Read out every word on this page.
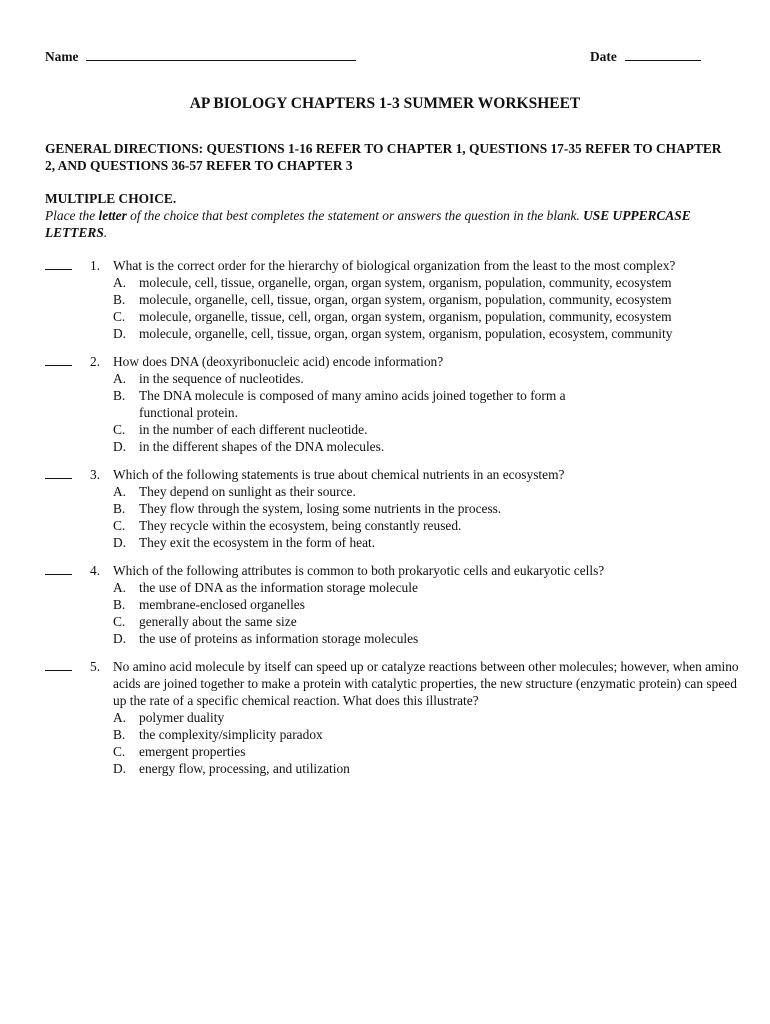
Name	Date
AP BIOLOGY CHAPTERS 1-3 SUMMER WORKSHEET
GENERAL DIRECTIONS: QUESTIONS 1-16 REFER TO CHAPTER 1, QUESTIONS 17-35 REFER TO CHAPTER 2, AND QUESTIONS 36-57 REFER TO CHAPTER 3
MULTIPLE CHOICE.
Place the letter of the choice that best completes the statement or answers the question in the blank. USE UPPERCASE LETTERS.
1. What is the correct order for the hierarchy of biological organization from the least to the most complex?
A. molecule, cell, tissue, organelle, organ, organ system, organism, population, community, ecosystem
B. molecule, organelle, cell, tissue, organ, organ system, organism, population, community, ecosystem
C. molecule, organelle, tissue, cell, organ, organ system, organism, population, community, ecosystem
D. molecule, organelle, cell, tissue, organ, organ system, organism, population, ecosystem, community
2. How does DNA (deoxyribonucleic acid) encode information?
A. in the sequence of nucleotides.
B. The DNA molecule is composed of many amino acids joined together to form a functional protein.
C. in the number of each different nucleotide.
D. in the different shapes of the DNA molecules.
3. Which of the following statements is true about chemical nutrients in an ecosystem?
A. They depend on sunlight as their source.
B. They flow through the system, losing some nutrients in the process.
C. They recycle within the ecosystem, being constantly reused.
D. They exit the ecosystem in the form of heat.
4. Which of the following attributes is common to both prokaryotic cells and eukaryotic cells?
A. the use of DNA as the information storage molecule
B. membrane-enclosed organelles
C. generally about the same size
D. the use of proteins as information storage molecules
5. No amino acid molecule by itself can speed up or catalyze reactions between other molecules; however, when amino acids are joined together to make a protein with catalytic properties, the new structure (enzymatic protein) can speed up the rate of a specific chemical reaction. What does this illustrate?
A. polymer duality
B. the complexity/simplicity paradox
C. emergent properties
D. energy flow, processing, and utilization
